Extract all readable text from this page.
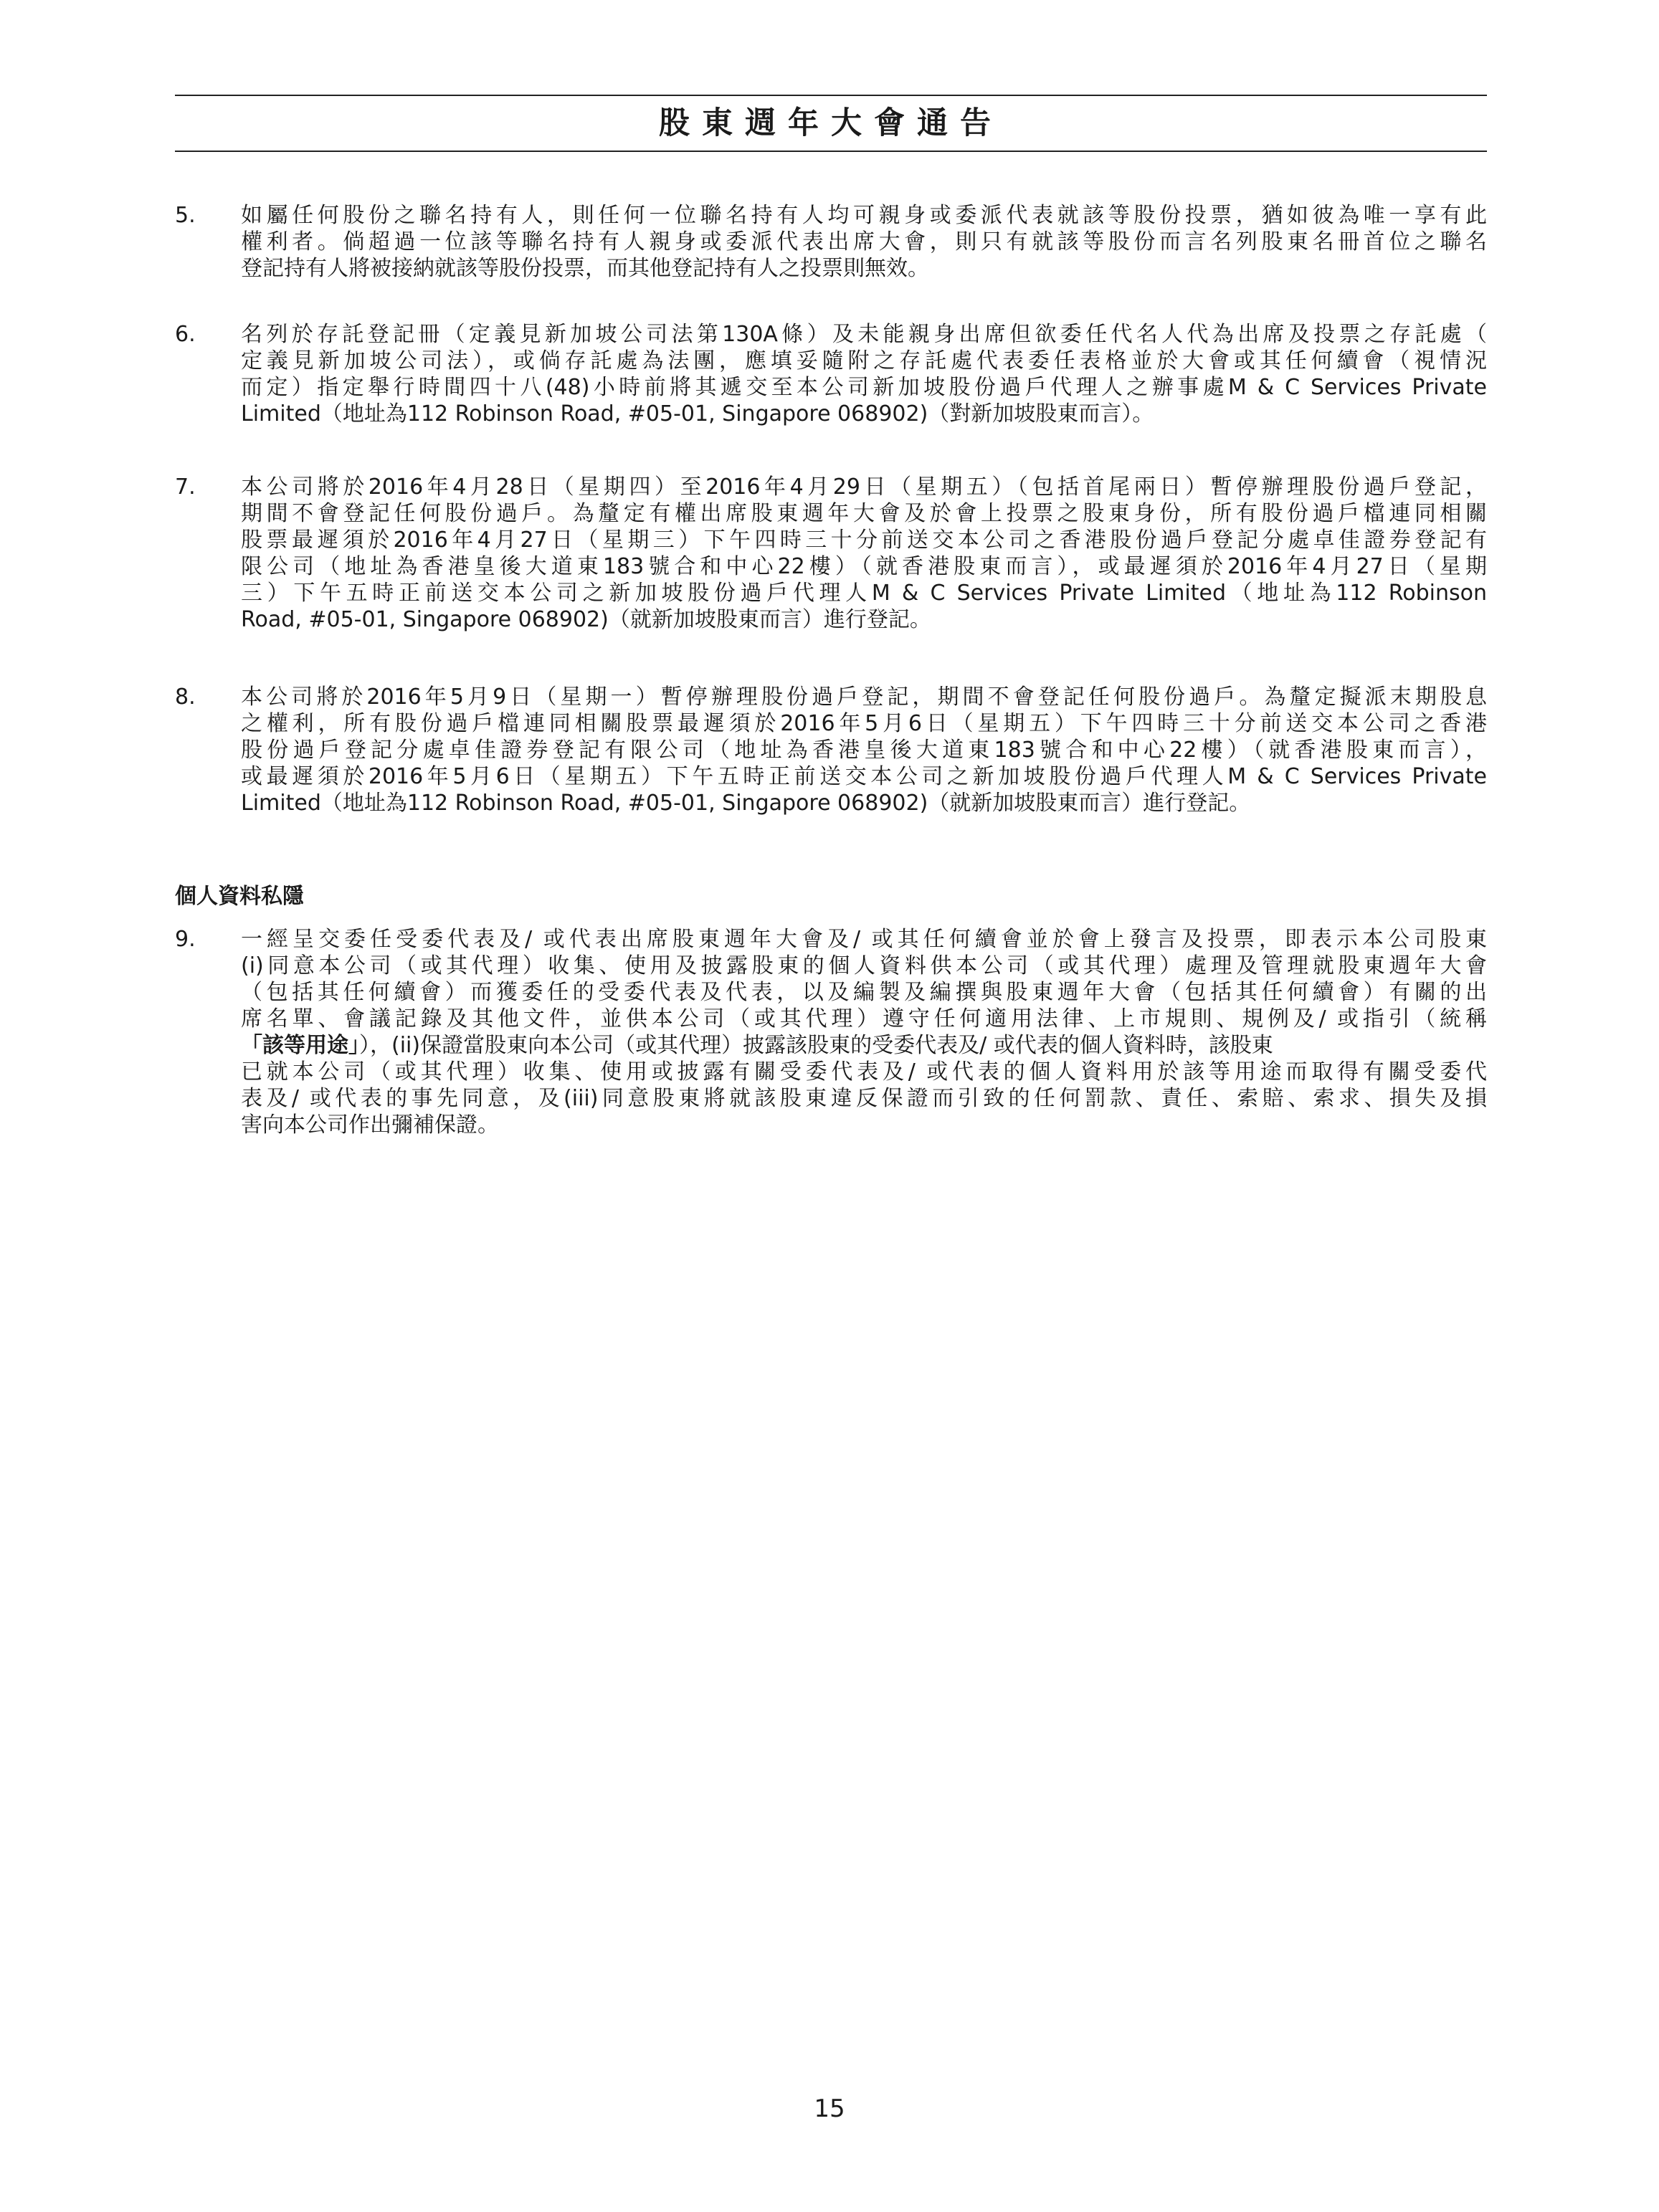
股東週年大會通告
5. 如屬任何股份之聯名持有人，則任何一位聯名持有人均可親身或委派代表就該等股份投票，猶如彼為唯一享有此
權利者。倘超過一位該等聯名持有人親身或委派代表出席大會，則只有就該等股份而言名列股東名冊首位之聯名
登記持有人將被接納就該等股份投票，而其他登記持有人之投票則無效。
6. 名列於存託登記冊（定義見新加坡公司法第130A條）及未能親身出席但欲委任代名人代為出席及投票之存託處（
定義見新加坡公司法），或倘存託處為法團，應填妥隨附之存託處代表委任表格並於大會或其任何續會（視情況
而定）指定舉行時間四十八(48)小時前將其遞交至本公司新加坡股份過戶代理人之辦事處M & C Services Private
Limited（地址為112 Robinson Road, #05-01, Singapore 068902)（對新加坡股東而言）。
7. 本公司將於2016年4月28日（星期四）至2016年4月29日（星期五）（包括首尾兩日）暫停辦理股份過戶登記，
期間不會登記任何股份過戶。為釐定有權出席股東週年大會及於會上投票之股東身份，所有股份過戶檔連同相關
股票最遲須於2016年4月27日（星期三）下午四時三十分前送交本公司之香港股份過戶登記分處卓佳證券登記有
限公司（地址為香港皇後大道東183號合和中心22樓）（就香港股東而言），或最遲須於2016年4月27日（星期
三）下午五時正前送交本公司之新加坡股份過戶代理人M & C Services Private Limited（地址為112 Robinson
Road, #05-01, Singapore 068902)（就新加坡股東而言）進行登記。
8. 本公司將於2016年5月9日（星期一）暫停辦理股份過戶登記，期間不會登記任何股份過戶。為釐定擬派末期股息
之權利，所有股份過戶檔連同相關股票最遲須於2016年5月6日（星期五）下午四時三十分前送交本公司之香港
股份過戶登記分處卓佳證券登記有限公司（地址為香港皇後大道東183號合和中心22樓）（就香港股東而言），
或最遲須於2016年5月6日（星期五）下午五時正前送交本公司之新加坡股份過戶代理人M & C Services Private
Limited（地址為112 Robinson Road, #05-01, Singapore 068902)（就新加坡股東而言）進行登記。
個人資料私隱
9. 一經呈交委任受委代表及/ 或代表出席股東週年大會及/ 或其任何續會並於會上發言及投票，即表示本公司股東
(i)同意本公司（或其代理）收集、使用及披露股東的個人資料供本公司（或其代理）處理及管理就股東週年大會
（包括其任何續會）而獲委任的受委代表及代表，以及編製及編撰與股東週年大會（包括其任何續會）有關的出
席名單、會議記錄及其他文件，並供本公司（或其代理）遵守任何適用法律、上市規則、規例及/ 或指引（統稱
「該等用途」），(ii)保證當股東向本公司（或其代理）披露該股東的受委代表及/ 或代表的個人資料時，該股東
已就本公司（或其代理）收集、使用或披露有關受委代表及/ 或代表的個人資料用於該等用途而取得有關受委代
表及/ 或代表的事先同意，及(iii)同意股東將就該股東違反保證而引致的任何罰款、責任、索賠、索求、損失及損
害向本公司作出彌補保證。
15
